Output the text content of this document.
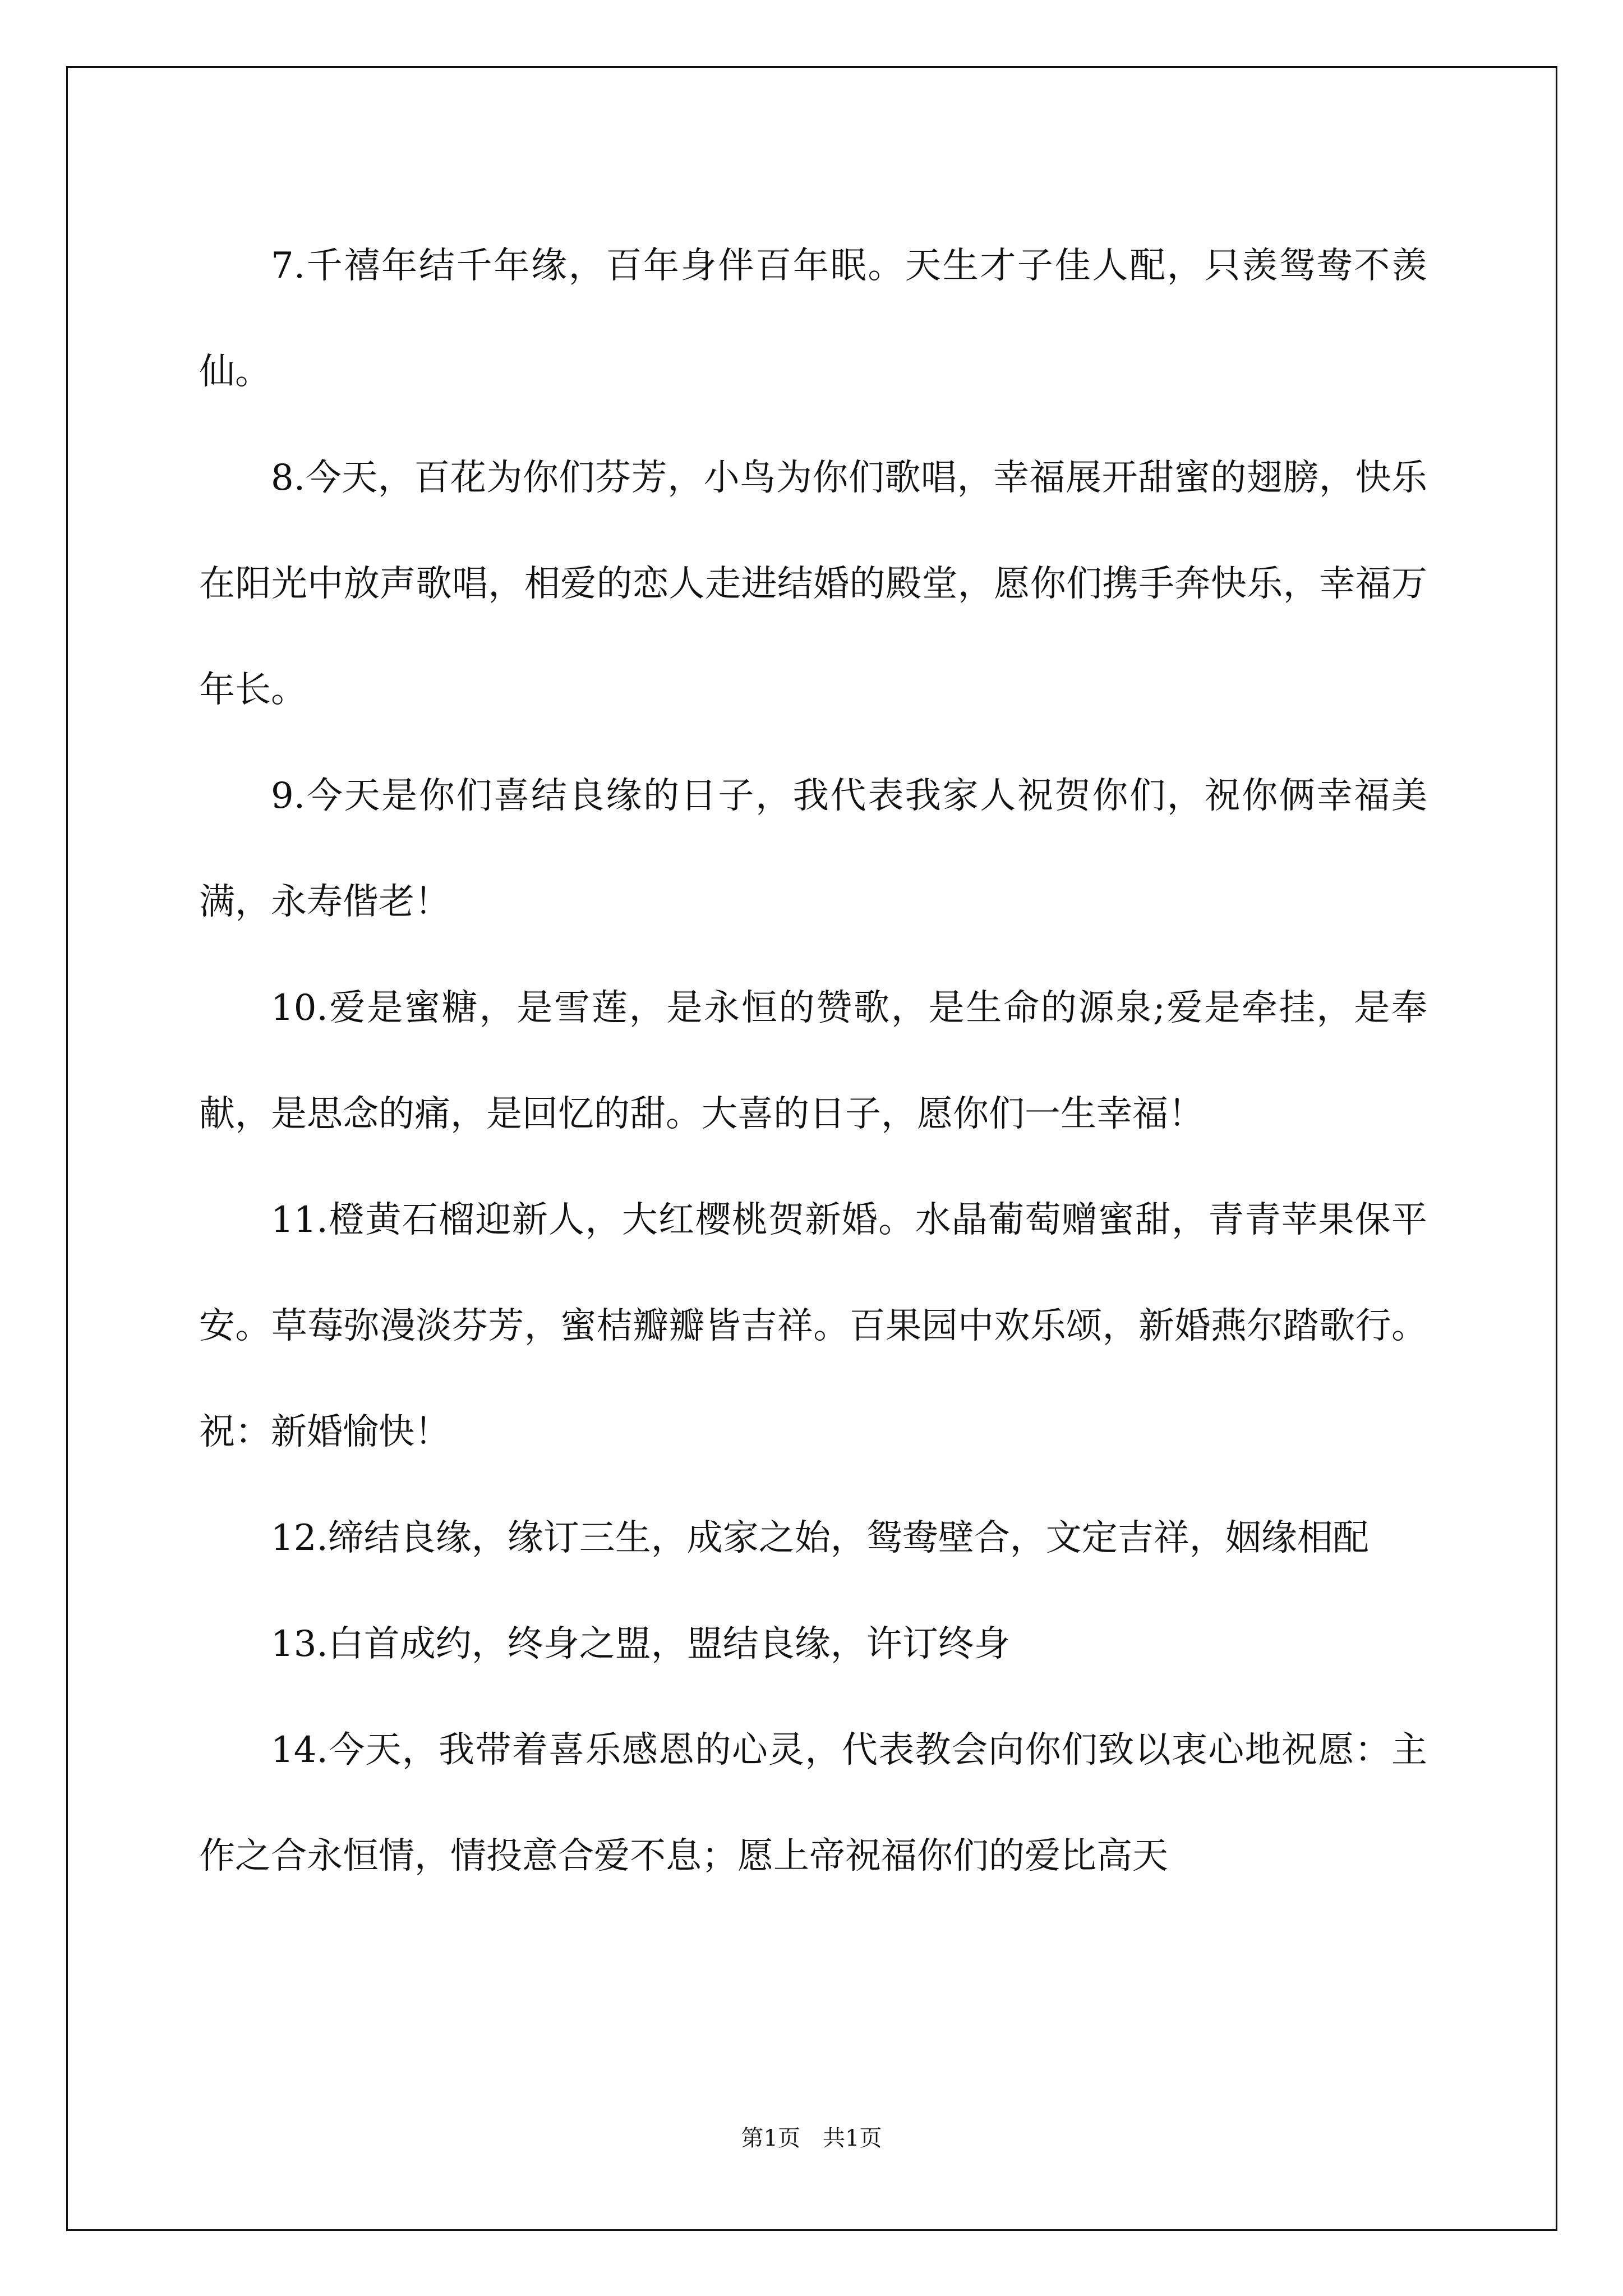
7.千禧年结千年缘，百年身伴百年眠。天生才子佳人配，只羡鸳鸯不羡仙。

8.今天，百花为你们芬芳，小鸟为你们歌唱，幸福展开甜蜜的翅膀，快乐在阳光中放声歌唱，相爱的恋人走进结婚的殿堂，愿你们携手奔快乐，幸福万年长。

9.今天是你们喜结良缘的日子，我代表我家人祝贺你们，祝你俩幸福美满，永寿偕老！

10.爱是蜜糖，是雪莲，是永恒的赞歌，是生命的源泉;爱是牵挂，是奉献，是思念的痛，是回忆的甜。大喜的日子，愿你们一生幸福！

11.橙黄石榴迎新人，大红樱桃贺新婚。水晶葡萄赠蜜甜，青青苹果保平安。草莓弥漫淡芬芳，蜜桔瓣瓣皆吉祥。百果园中欢乐颂，新婚燕尔踏歌行。祝：新婚愉快！

12.缔结良缘，缘订三生，成家之始，鸳鸯壁合，文定吉祥，姻缘相配

13.白首成约，终身之盟，盟结良缘，许订终身

14.今天，我带着喜乐感恩的心灵，代表教会向你们致以衷心地祝愿：主作之合永恒情，情投意合爱不息；愿上帝祝福你们的爱比高天

第1页　共1页
